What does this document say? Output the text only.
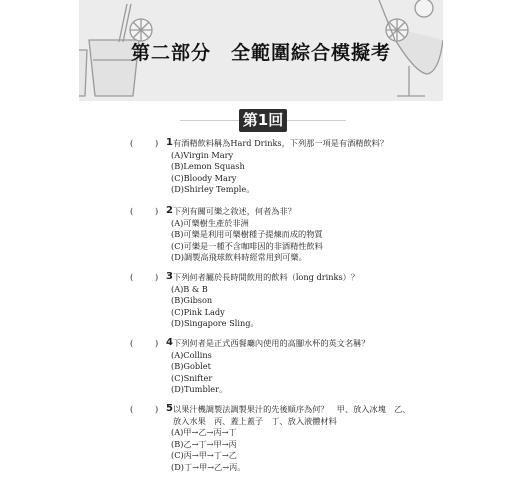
第二部分　全範圍綜合模擬考
第1回
(	) 1 有酒精飲料稱為Hard Drinks，下列那一項是有酒精飲料？
(A)Virgin Mary
(B)Lemon Squash
(C)Bloody Mary
(D)Shirley Temple。
(	) 2 下列有關可樂之敘述，何者為非？
(A)可樂樹生產於非洲
(B)可樂是利用可樂樹種子提煉而成的物質
(C)可樂是一種不含咖啡因的非酒精性飲料
(D)調製高飛球飲料時經常用到可樂。
(	) 3 下列何者屬於長時間飲用的飲料（long drinks）？
(A)B & B
(B)Gibson
(C)Pink Lady
(D)Singapore Sling。
(	) 4 下列何者是正式西餐廳內使用的高腳水杯的英文名稱？
(A)Collins
(B)Goblet
(C)Snifter
(D)Tumbler。
(	) 5 以果汁機調製法調製果汁的先後順序為何？　甲、放入冰塊　乙、放入水果　丙、蓋上蓋子　丁、放入液體材料
(A)甲→乙→丙→丁
(B)乙→丁→甲→丙
(C)丙→甲→丁→乙
(D)丁→甲→乙→丙。
